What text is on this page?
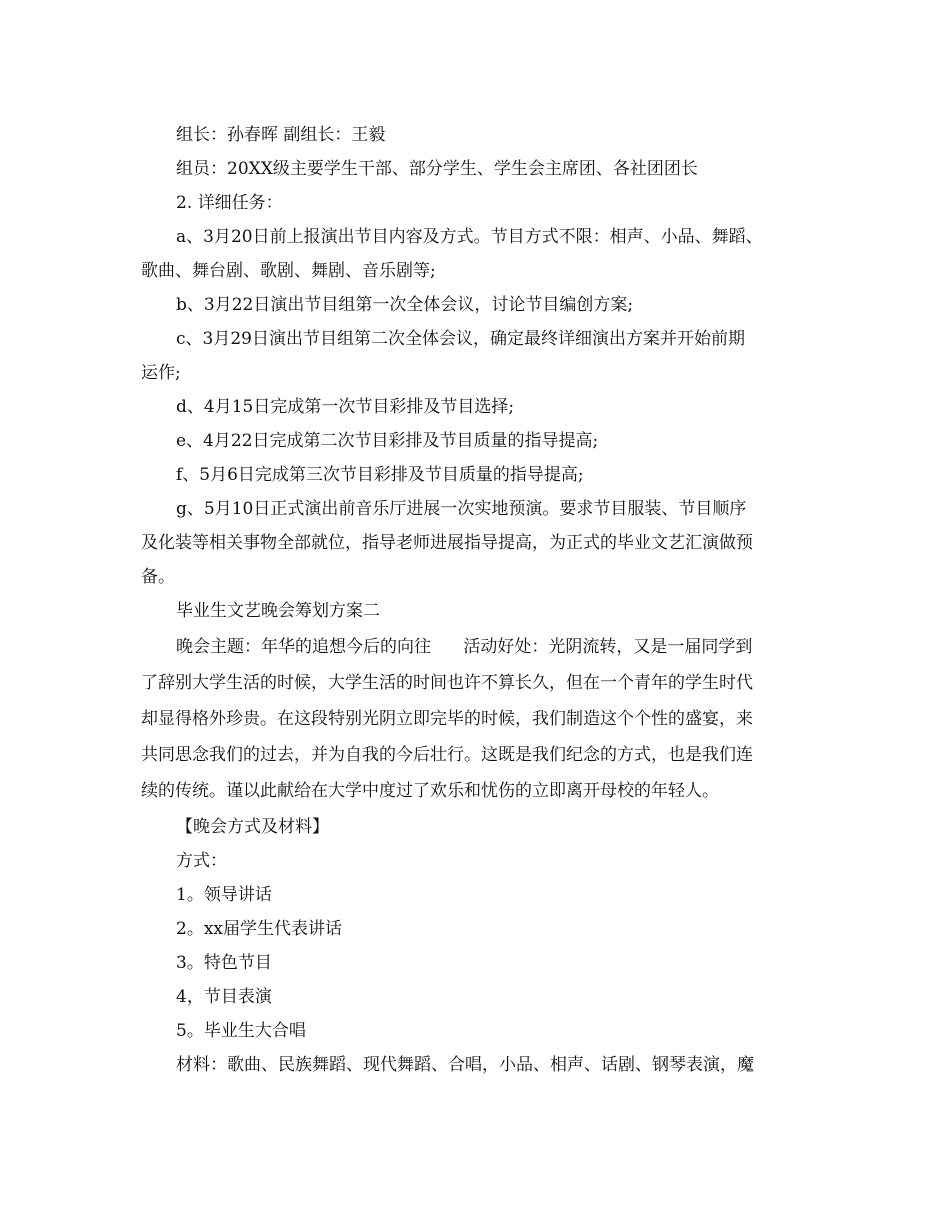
组长：孙春晖 副组长：王毅
组员：20XX级主要学生干部、部分学生、学生会主席团、各社团团长
2. 详细任务：
a、3月20日前上报演出节目内容及方式。节目方式不限：相声、小品、舞蹈、
歌曲、舞台剧、歌剧、舞剧、音乐剧等;
b、3月22日演出节目组第一次全体会议，讨论节目编创方案;
c、3月29日演出节目组第二次全体会议，确定最终详细演出方案并开始前期
运作;
d、4月15日完成第一次节目彩排及节目选择;
e、4月22日完成第二次节目彩排及节目质量的指导提高;
f、5月6日完成第三次节目彩排及节目质量的指导提高;
g、5月10日正式演出前音乐厅进展一次实地预演。要求节目服装、节目顺序
及化装等相关事物全部就位，指导老师进展指导提高，为正式的毕业文艺汇演做预
备。
毕业生文艺晚会筹划方案二
晚会主题：年华的追想今后的向往      活动好处：光阴流转，又是一届同学到
了辞别大学生活的时候，大学生活的时间也许不算长久，但在一个青年的学生时代
却显得格外珍贵。在这段特别光阴立即完毕的时候，我们制造这个个性的盛宴，来
共同思念我们的过去，并为自我的今后壮行。这既是我们纪念的方式，也是我们连
续的传统。谨以此献给在大学中度过了欢乐和忧伤的立即离开母校的年轻人。
【晚会方式及材料】
方式：
1。领导讲话
2。xx届学生代表讲话
3。特色节目
4，节目表演
5。毕业生大合唱
材料：歌曲、民族舞蹈、现代舞蹈、合唱，小品、相声、话剧、钢琴表演，魔
